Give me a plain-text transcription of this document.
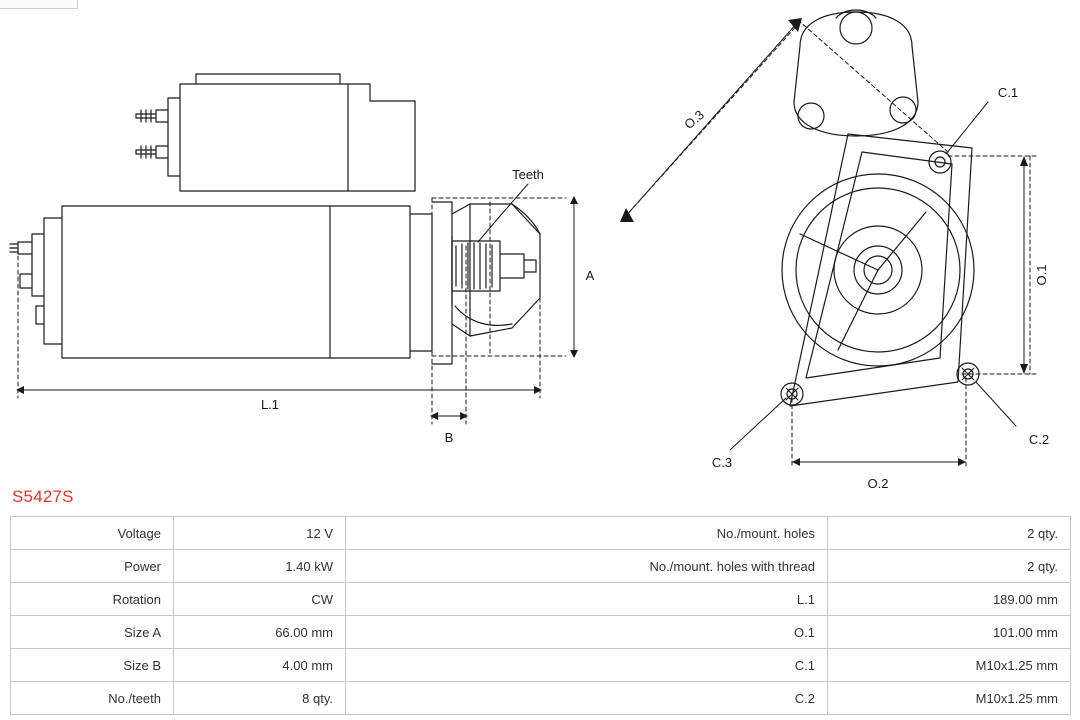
Teeth
A
L.1
B
O.3
O.1
O.2
C.1
C.2
C.3
S5427S
Voltage	12 V	No./mount. holes	2 qty.
Power	1.40 kW	No./mount. holes with thread	2 qty.
Rotation	CW	L.1	189.00 mm
Size A	66.00 mm	O.1	101.00 mm
Size B	4.00 mm	C.1	M10x1.25 mm
No./teeth	8 qty.	C.2	M10x1.25 mm
